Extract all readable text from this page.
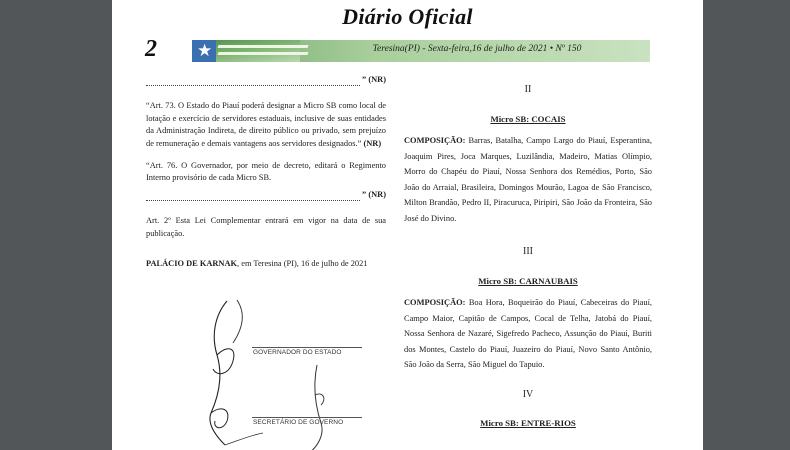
Diário Oficial
2 ★	Teresina(PI) - Sexta-feira,16 de julho de 2021 • Nº 150
” (NR)

“Art. 73. O Estado do Piauí poderá designar a Micro SB como local de lotação e exercício de servidores estaduais, inclusive de suas entidades da Administração Indireta, de direito público ou privado, sem prejuízo de remuneração e demais vantagens aos servidores designados.” (NR)

“Art. 76. O Governador, por meio de decreto, editará o Regimento Interno provisório de cada Micro SB.

” (NR)

Art. 2º Esta Lei Complementar entrará em vigor na data de sua publicação.

PALÁCIO DE KARNAK, em Teresina (PI), 16 de julho de 2021

GOVERNADOR DO ESTADO
SECRETÁRIO DE GOVERNO
II
Micro SB: COCAIS

COMPOSIÇÃO: Barras, Batalha, Campo Largo do Piauí, Esperantina, Joaquim Pires, Joca Marques, Luzilândia, Madeiro, Matias Olímpio, Morro do Chapéu do Piauí, Nossa Senhora dos Remédios, Porto, São João do Arraial, Brasileira, Domingos Mourão, Lagoa de São Francisco, Milton Brandão, Pedro II, Piracuruca, Piripiri, São João da Fronteira, São José do Divino.

III
Micro SB: CARNAUBAIS

COMPOSIÇÃO: Boa Hora, Boqueirão do Piauí, Cabeceiras do Piauí, Campo Maior, Capitão de Campos, Cocal de Telha, Jatobá do Piauí, Nossa Senhora de Nazaré, Sigefredo Pacheco, Assunção do Piauí, Buriti dos Montes, Castelo do Piauí, Juazeiro do Piauí, Novo Santo Antônio, São João da Serra, São Miguel do Tapuio.

IV
Micro SB: ENTRE-RIOS
